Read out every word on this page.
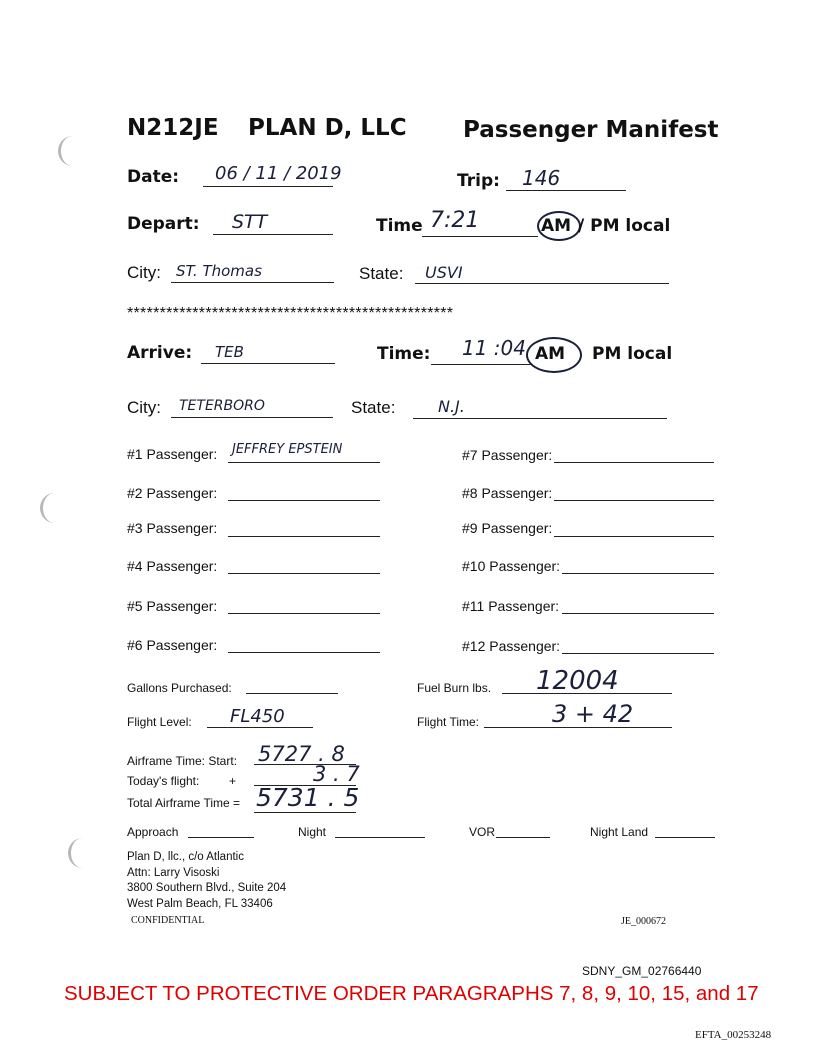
N212JE PLAN D, LLC Passenger Manifest
Date: 06 / 11 / 2019	Trip: 146
Depart: STT	Time 7:21	AM / PM local
City: ST. Thomas	State: USVI
**************************************************
Arrive: TEB	Time: 11 :04 AM PM local
City: TETERBORO	State:	N.J.
#1 Passenger: JEFFREY EPSTEIN
#2 Passenger:
#3 Passenger:
#4 Passenger:
#5 Passenger:
#6 Passenger:
#7 Passenger:
#8 Passenger:
#9 Passenger:
#10 Passenger:
#11 Passenger:
#12 Passenger:
Gallons Purchased:	Fuel Burn lbs. 12004
Flight Level: FL450	Flight Time:	3 + 42
Airframe Time: Start: 5727 . 8
Today's flight: +	3 . 7
Total Airframe Time = 5731 . 5
Approach	Night	VOR	Night Land
Plan D, llc., c/o Atlantic
Attn: Larry Visoski
3800 Southern Blvd., Suite 204
West Palm Beach, FL 33406
CONFIDENTIAL	JE_000672
SDNY_GM_02766440
SUBJECT TO PROTECTIVE ORDER PARAGRAPHS 7, 8, 9, 10, 15, and 17
EFTA_00253248
